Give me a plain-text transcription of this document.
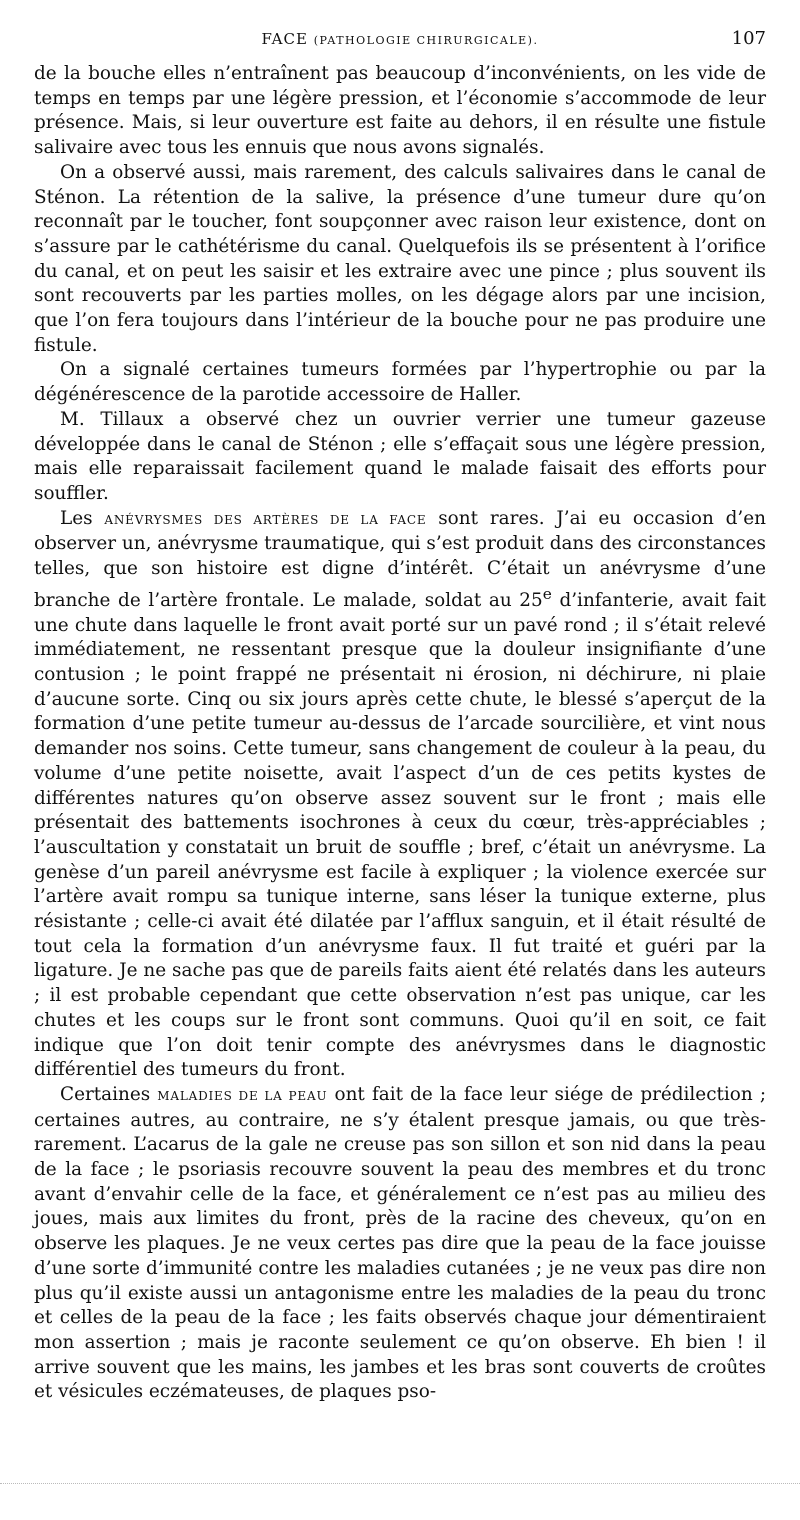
FACE (PATHOLOGIE CHIRURGICALE).	107

de la bouche elles n’entraînent pas beaucoup d’inconvénients, on les vide de temps en temps par une légère pression, et l’économie s’accommode de leur présence. Mais, si leur ouverture est faite au dehors, il en résulte une fistule salivaire avec tous les ennuis que nous avons signalés.

On a observé aussi, mais rarement, des calculs salivaires dans le canal de Sténon. La rétention de la salive, la présence d’une tumeur dure qu’on reconnaît par le toucher, font soupçonner avec raison leur existence, dont on s’assure par le cathétérisme du canal. Quelquefois ils se présentent à l’orifice du canal, et on peut les saisir et les extraire avec une pince ; plus souvent ils sont recouverts par les parties molles, on les dégage alors par une incision, que l’on fera toujours dans l’intérieur de la bouche pour ne pas produire une fistule.

On a signalé certaines tumeurs formées par l’hypertrophie ou par la dégénérescence de la parotide accessoire de Haller.

M. Tillaux a observé chez un ouvrier verrier une tumeur gazeuse développée dans le canal de Sténon ; elle s’effaçait sous une légère pression, mais elle reparaissait facilement quand le malade faisait des efforts pour souffler.

Les ANÉVRYSMES DES ARTÈRES DE LA FACE sont rares. J’ai eu occasion d’en observer un, anévrysme traumatique, qui s’est produit dans des circonstances telles, que son histoire est digne d’intérêt. C’était un anévrysme d’une branche de l’artère frontale. Le malade, soldat au 25e d’infanterie, avait fait une chute dans laquelle le front avait porté sur un pavé rond ; il s’était relevé immédiatement, ne ressentant presque que la douleur insignifiante d’une contusion ; le point frappé ne présentait ni érosion, ni déchirure, ni plaie d’aucune sorte. Cinq ou six jours après cette chute, le blessé s’aperçut de la formation d’une petite tumeur au-dessus de l’arcade sourcilière, et vint nous demander nos soins. Cette tumeur, sans changement de couleur à la peau, du volume d’une petite noisette, avait l’aspect d’un de ces petits kystes de différentes natures qu’on observe assez souvent sur le front ; mais elle présentait des battements isochrones à ceux du cœur, très-appréciables ; l’auscultation y constatait un bruit de souffle ; bref, c’était un anévrysme. La genèse d’un pareil anévrysme est facile à expliquer ; la violence exercée sur l’artère avait rompu sa tunique interne, sans léser la tunique externe, plus résistante ; celle-ci avait été dilatée par l’afflux sanguin, et il était résulté de tout cela la formation d’un anévrysme faux. Il fut traité et guéri par la ligature. Je ne sache pas que de pareils faits aient été relatés dans les auteurs ; il est probable cependant que cette observation n’est pas unique, car les chutes et les coups sur le front sont communs. Quoi qu’il en soit, ce fait indique que l’on doit tenir compte des anévrysmes dans le diagnostic différentiel des tumeurs du front.

Certaines MALADIES DE LA PEAU ont fait de la face leur siége de prédilection ; certaines autres, au contraire, ne s’y étalent presque jamais, ou que très-rarement. L’acarus de la gale ne creuse pas son sillon et son nid dans la peau de la face ; le psoriasis recouvre souvent la peau des membres et du tronc avant d’envahir celle de la face, et généralement ce n’est pas au milieu des joues, mais aux limites du front, près de la racine des cheveux, qu’on en observe les plaques. Je ne veux certes pas dire que la peau de la face jouisse d’une sorte d’immunité contre les maladies cutanées ; je ne veux pas dire non plus qu’il existe aussi un antagonisme entre les maladies de la peau du tronc et celles de la peau de la face ; les faits observés chaque jour démentiraient mon assertion ; mais je raconte seulement ce qu’on observe. Eh bien ! il arrive souvent que les mains, les jambes et les bras sont couverts de croûtes et vésicules eczémateuses, de plaques pso-
